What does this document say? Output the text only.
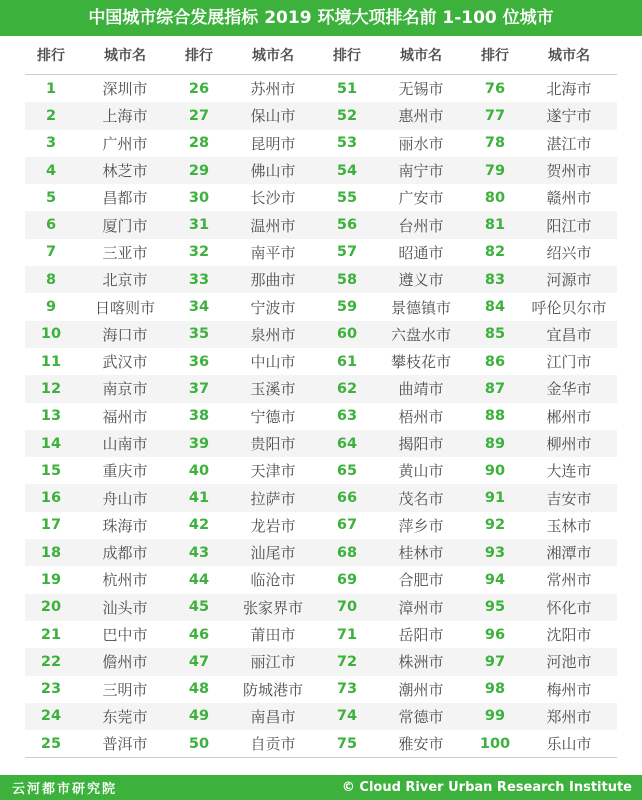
中国城市综合发展指标 2019 环境大项排名前 1-100 位城市
排行	城市名	排行	城市名	排行	城市名	排行	城市名
1	深圳市	26	苏州市	51	无锡市	76	北海市
2	上海市	27	保山市	52	惠州市	77	遂宁市
3	广州市	28	昆明市	53	丽水市	78	湛江市
4	林芝市	29	佛山市	54	南宁市	79	贺州市
5	昌都市	30	长沙市	55	广安市	80	赣州市
6	厦门市	31	温州市	56	台州市	81	阳江市
7	三亚市	32	南平市	57	昭通市	82	绍兴市
8	北京市	33	那曲市	58	遵义市	83	河源市
9	日喀则市	34	宁波市	59	景德镇市	84	呼伦贝尔市
10	海口市	35	泉州市	60	六盘水市	85	宜昌市
11	武汉市	36	中山市	61	攀枝花市	86	江门市
12	南京市	37	玉溪市	62	曲靖市	87	金华市
13	福州市	38	宁德市	63	梧州市	88	郴州市
14	山南市	39	贵阳市	64	揭阳市	89	柳州市
15	重庆市	40	天津市	65	黄山市	90	大连市
16	舟山市	41	拉萨市	66	茂名市	91	吉安市
17	珠海市	42	龙岩市	67	萍乡市	92	玉林市
18	成都市	43	汕尾市	68	桂林市	93	湘潭市
19	杭州市	44	临沧市	69	合肥市	94	常州市
20	汕头市	45	张家界市	70	漳州市	95	怀化市
21	巴中市	46	莆田市	71	岳阳市	96	沈阳市
22	儋州市	47	丽江市	72	株洲市	97	河池市
23	三明市	48	防城港市	73	潮州市	98	梅州市
24	东莞市	49	南昌市	74	常德市	99	郑州市
25	普洱市	50	自贡市	75	雅安市	100	乐山市
云河都市研究院	© Cloud River Urban Research Institute
